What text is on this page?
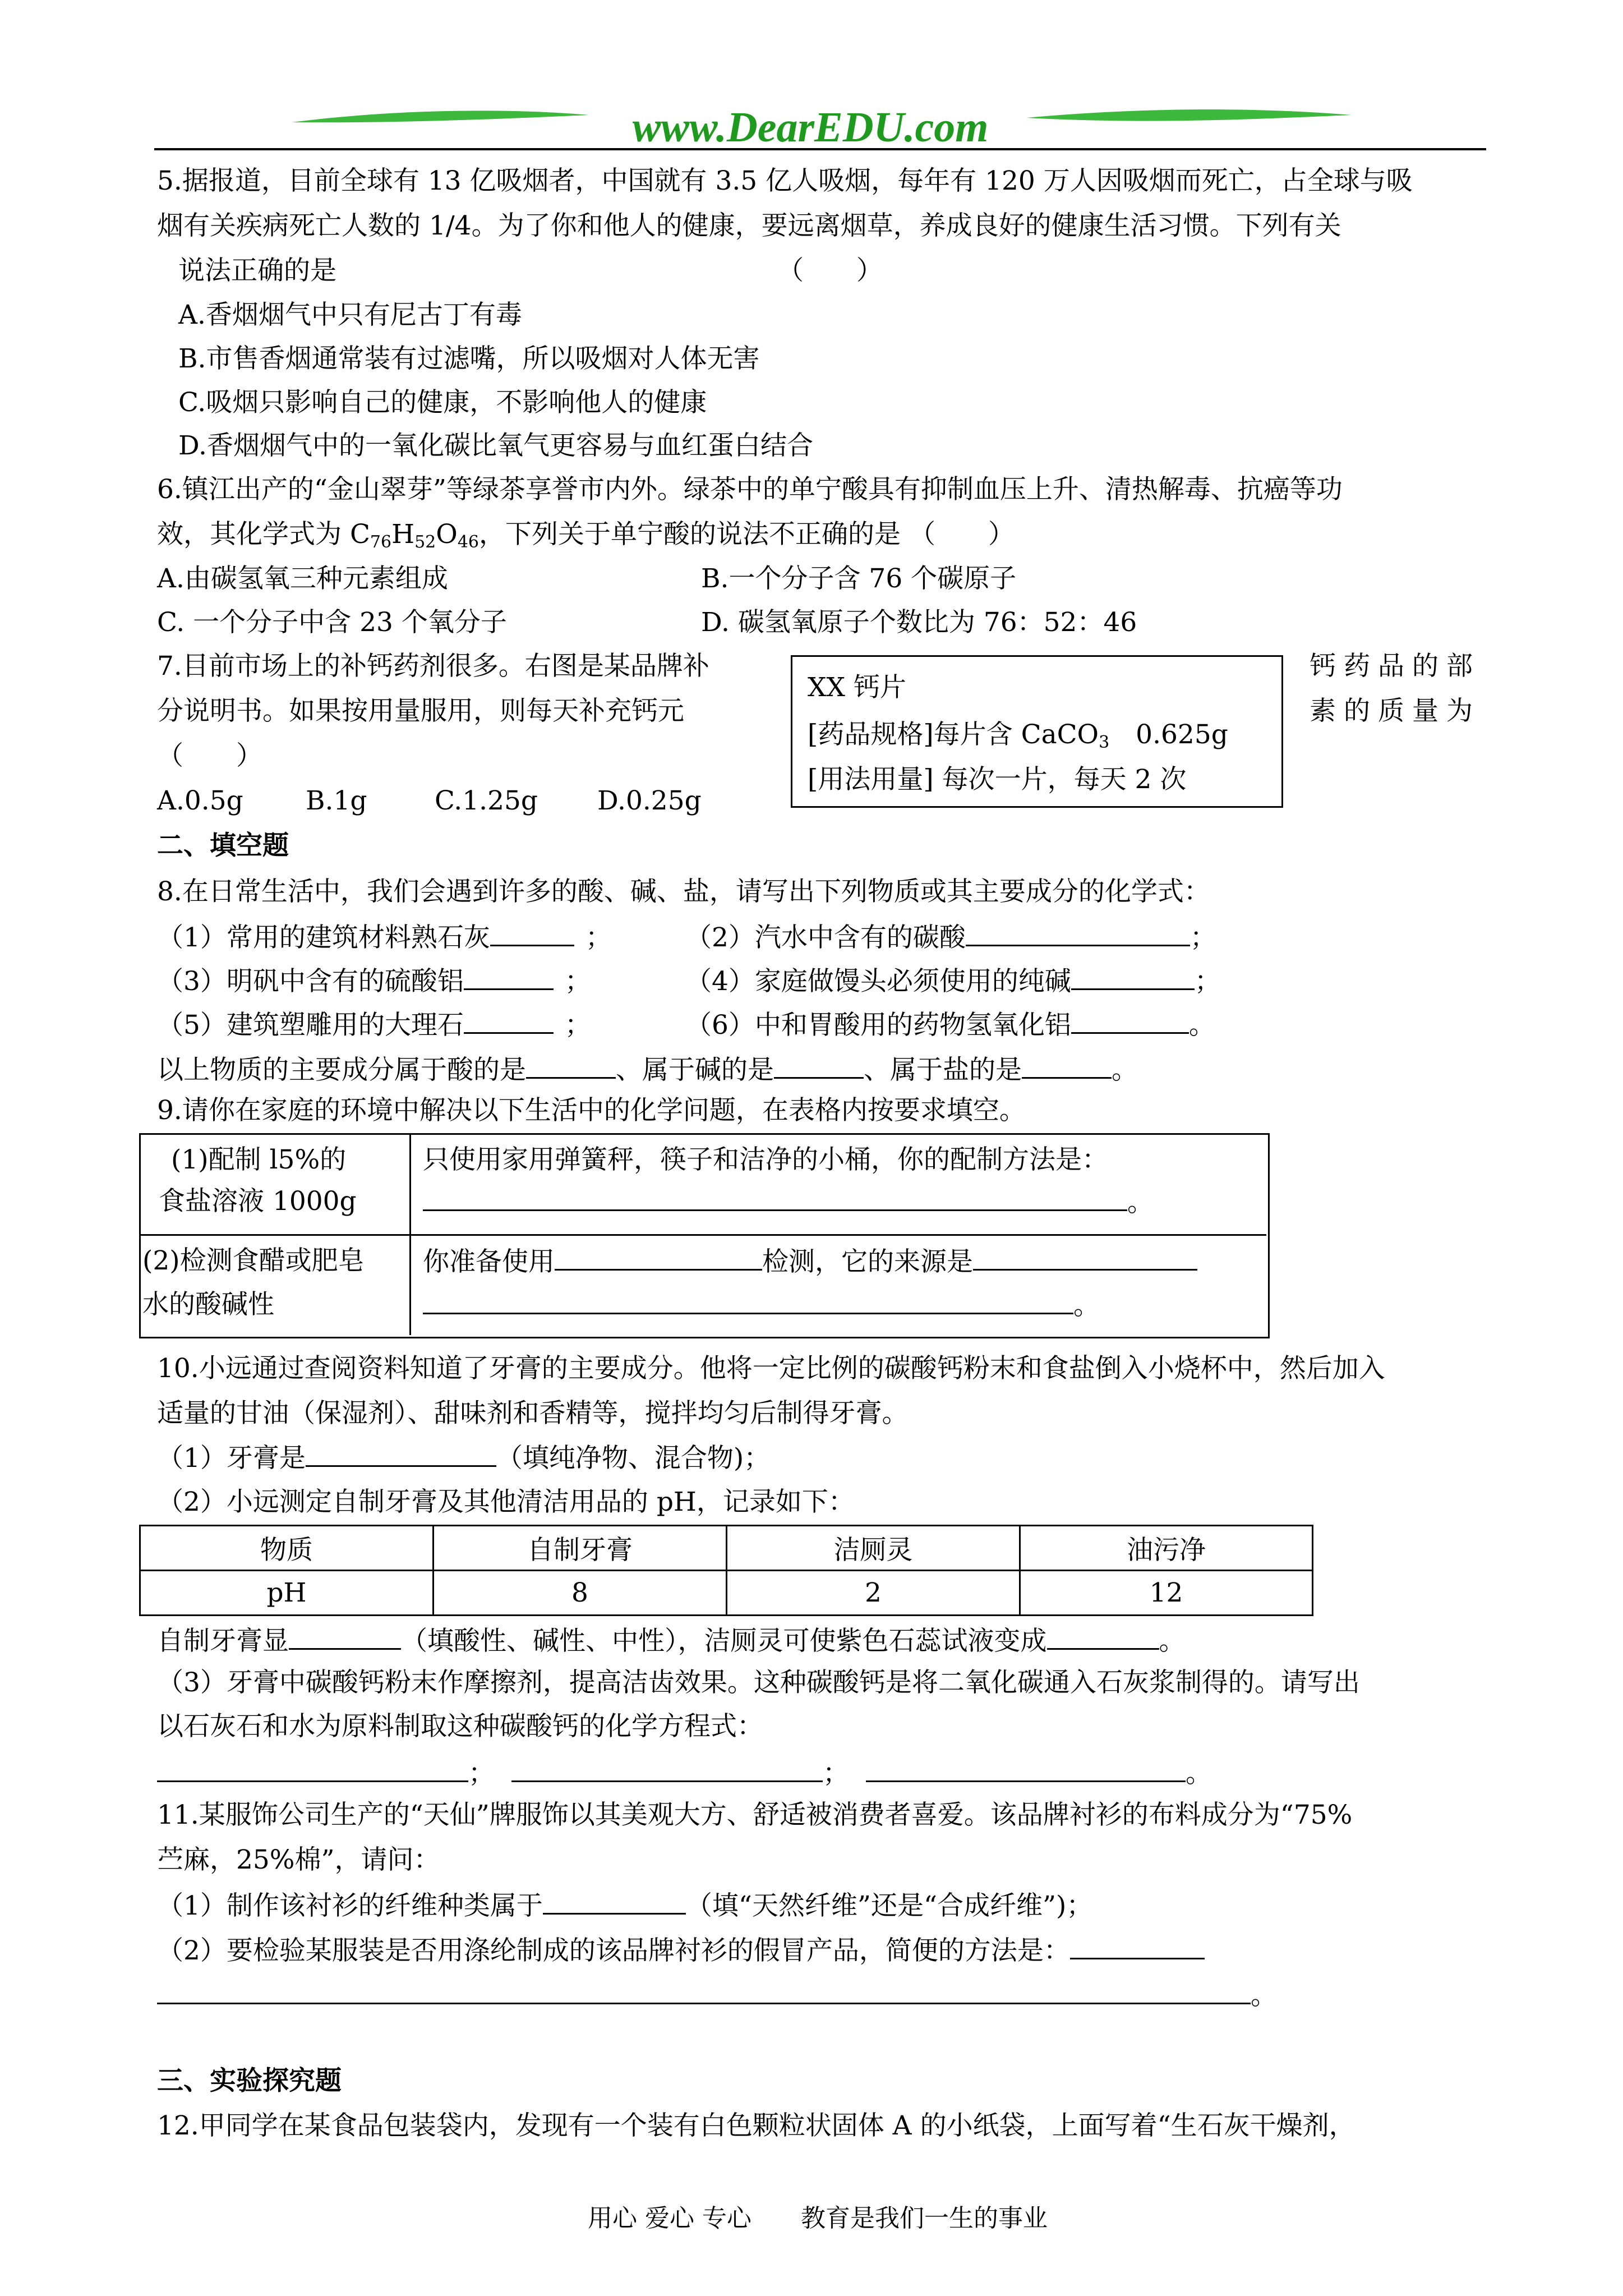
www.DearEDU.com
5.据报道，目前全球有 13 亿吸烟者，中国就有 3.5 亿人吸烟，每年有 120 万人因吸烟而死亡，占全球与吸
烟有关疾病死亡人数的 1/4。为了你和他人的健康，要远离烟草，养成良好的健康生活习惯。下列有关
说法正确的是	（　　）
A.香烟烟气中只有尼古丁有毒
B.市售香烟通常装有过滤嘴，所以吸烟对人体无害
C.吸烟只影响自己的健康，不影响他人的健康
D.香烟烟气中的一氧化碳比氧气更容易与血红蛋白结合
6.镇江出产的“金山翠芽”等绿茶享誉市内外。绿茶中的单宁酸具有抑制血压上升、清热解毒、抗癌等功
效，其化学式为 $C_{76}H_{52}O_{46}$，下列关于单宁酸的说法不正确的是 （　　）
A.由碳氢氧三种元素组成	B.一个分子含 76 个碳原子
C. 一个分子中含 23 个氧分子	D. 碳氢氧原子个数比为 76：52：46
7.目前市场上的补钙药剂很多。右图是某品牌补
分说明书。如果按用量服用，则每天补充钙元
（　　）
钙药品的部
素的质量为
XX 钙片
[药品规格]每片含 CaCO$_3$　0.625g
[用法用量] 每次一片，每天 2 次
A.0.5g B.1g	C.1.25g D.0.25g
二、填空题
8.在日常生活中，我们会遇到许多的酸、碱、盐，请写出下列物质或其主要成分的化学式：
（1）常用的建筑材料熟石灰	；	（2）汽水中含有的碳酸	；
（3）明矾中含有的硫酸铝	；	（4）家庭做馒头必须使用的纯碱	；
（5）建筑塑雕用的大理石	；	（6）中和胃酸用的药物氢氧化铝	。
以上物质的主要成分属于酸的是	、属于碱的是	、属于盐的是	。
9.请你在家庭的环境中解决以下生活中的化学问题，在表格内按要求填空。
(1)配制 l5%的
食盐溶液 1000g
只使用家用弹簧秤，筷子和洁净的小桶，你的配制方法是：
。
(2)检测食醋或肥皂
水的酸碱性
你准备使用	检测，它的来源是
。
10.小远通过查阅资料知道了牙膏的主要成分。他将一定比例的碳酸钙粉末和食盐倒入小烧杯中，然后加入
适量的甘油（保湿剂）、甜味剂和香精等，搅拌均匀后制得牙膏。
（1）牙膏是	（填纯净物、混合物)；
（2）小远测定自制牙膏及其他清洁用品的 pH，记录如下：
物质	自制牙膏	洁厕灵	油污净
pH	8	2	12
自制牙膏显	（填酸性、碱性、中性），洁厕灵可使紫色石蕊试液变成	。
（3）牙膏中碳酸钙粉末作摩擦剂，提高洁齿效果。这种碳酸钙是将二氧化碳通入石灰浆制得的。请写出
以石灰石和水为原料制取这种碳酸钙的化学方程式：
；	；	。
11.某服饰公司生产的“天仙”牌服饰以其美观大方、舒适被消费者喜爱。该品牌衬衫的布料成分为“75%
苎麻，25%棉”，请问：
（1）制作该衬衫的纤维种类属于	（填“天然纤维”还是“合成纤维”)；
（2）要检验某服装是否用涤纶制成的该品牌衬衫的假冒产品，简便的方法是：
。
三、实验探究题
12.甲同学在某食品包装袋内，发现有一个装有白色颗粒状固体 A 的小纸袋，上面写着“生石灰干燥剂，
用心 爱心 专心 教育是我们一生的事业
